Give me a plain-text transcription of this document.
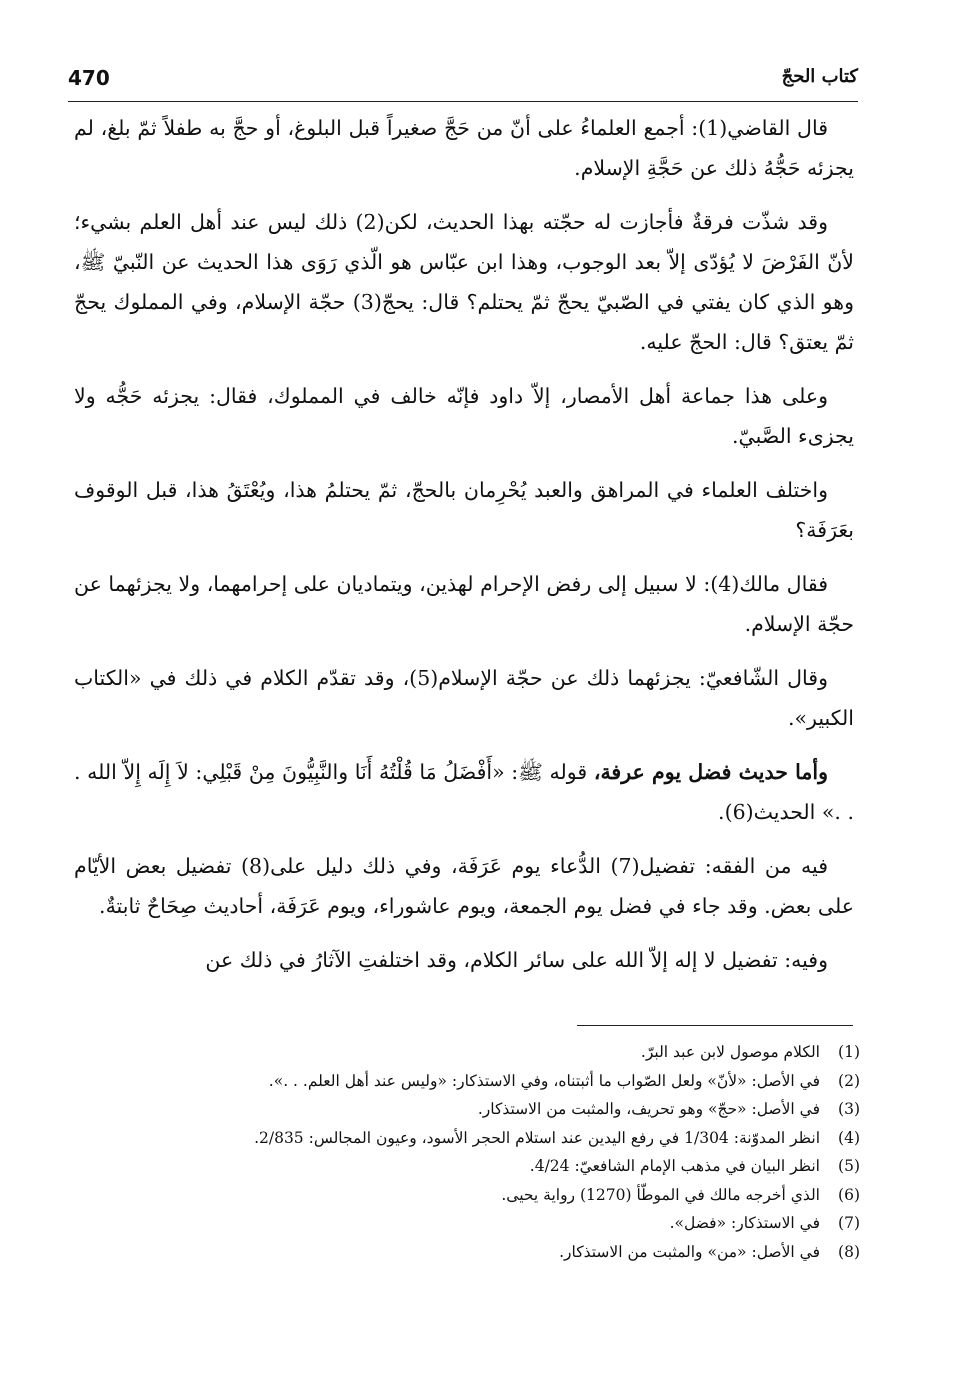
470	كتاب الحجّ

قال القاضي(1): أجمع العلماءُ على أنّ من حَجَّ صغيراً قبل البلوغ، أو حجَّ به طفلاً ثمّ بلغ، لم يجزئه حَجُّهُ ذلك عن حَجَّةِ الإسلام.

وقد شذّت فرقةٌ فأجازت له حجّته بهذا الحديث، لكن(2) ذلك ليس عند أهل العلم بشيء؛ لأنّ الفَرْضَ لا يُؤدّى إلاّ بعد الوجوب، وهذا ابن عبّاس هو الّذي رَوَى هذا الحديث عن النّبيّ ﷺ، وهو الذي كان يفتي في الصّبيّ يحجّ ثمّ يحتلم؟ قال: يحجّ(3) حجّة الإسلام، وفي المملوك يحجّ ثمّ يعتق؟ قال: الحجّ عليه.

وعلى هذا جماعة أهل الأمصار، إلاّ داود فإنّه خالف في المملوك، فقال: يجزئه حَجُّه ولا يجزىء الصَّبيّ.

واختلف العلماء في المراهق والعبد يُحْرِمان بالحجّ، ثمّ يحتلمُ هذا، ويُعْتَقُ هذا، قبل الوقوف بعَرَفَة؟

فقال مالك(4): لا سبيل إلى رفض الإحرام لهذين، ويتماديان على إحرامهما، ولا يجزئهما عن حجّة الإسلام.

وقال الشّافعيّ: يجزئهما ذلك عن حجّة الإسلام(5)، وقد تقدّم الكلام في ذلك في «الكتاب الكبير».

وأما حديث فضل يوم عرفة، قوله ﷺ: «أَفْضَلُ مَا قُلْتُهُ أَنَا والنَّبِيُّونَ مِنْ قَبْلِي: لاَ إِلَه إِلاّ الله . . .» الحديث(6).

فيه من الفقه: تفضيل(7) الدُّعاء يوم عَرَفَة، وفي ذلك دليل على(8) تفضيل بعض الأيّام على بعض. وقد جاء في فضل يوم الجمعة، ويوم عاشوراء، ويوم عَرَفَة، أحاديث صِحَاحٌ ثابتةٌ.

وفيه: تفضيل لا إله إلاّ الله على سائر الكلام، وقد اختلفتِ الآثارُ في ذلك عن

(1)
الكلام موصول لابن عبد البرّ.
(2)
في الأصل: «لأنّ» ولعل الصّواب ما أثبتناه، وفي الاستذكار: «وليس عند أهل العلم. . .».
(3)
في الأصل: «حجّ» وهو تحريف، والمثبت من الاستذكار.
(4)
انظر المدوّنة: 1/304 في رفع اليدين عند استلام الحجر الأسود، وعيون المجالس: 2/835.
(5)
انظر البيان في مذهب الإمام الشافعيّ: 4/24.
(6)
الذي أخرجه مالك في الموطّأ (1270) رواية يحيى.
(7)
في الاستذكار: «فضل».
(8)
في الأصل: «من» والمثبت من الاستذكار.
